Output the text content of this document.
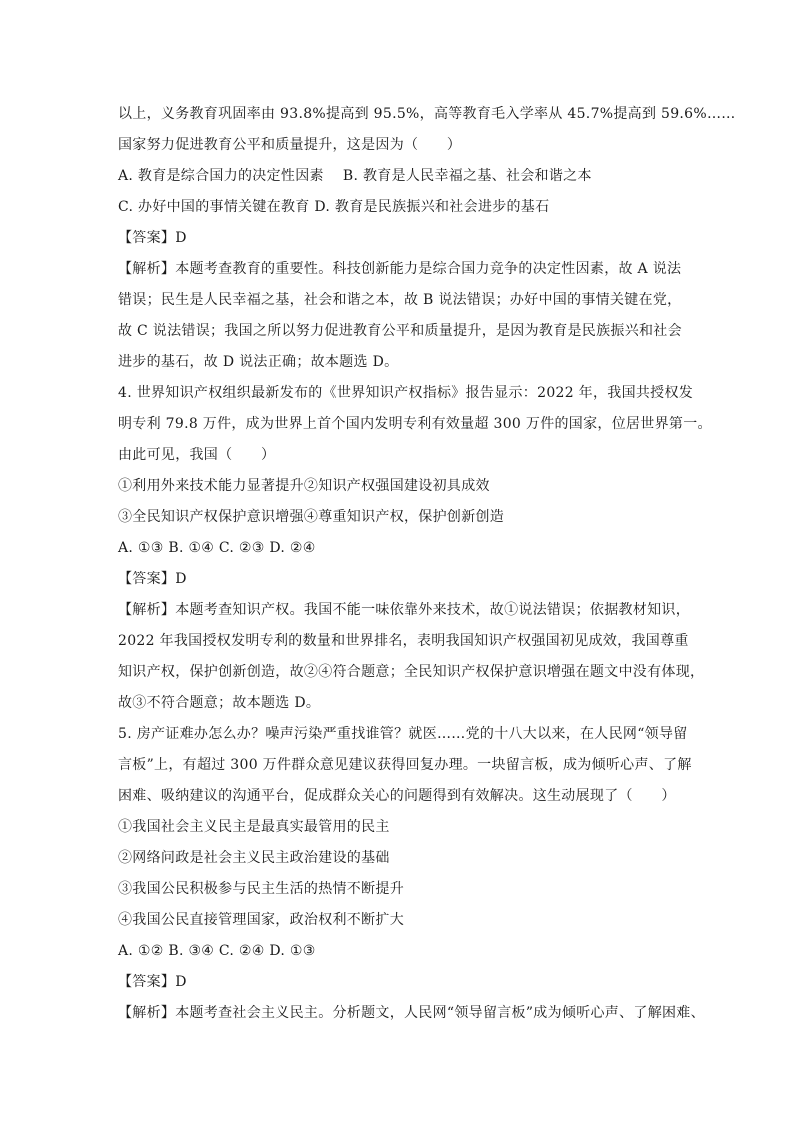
以上，义务教育巩固率由 93.8%提高到 95.5%，高等教育毛入学率从 45.7%提高到 59.6%……
国家努力促进教育公平和质量提升，这是因为（　　）
A. 教育是综合国力的决定性因素　 B. 教育是人民幸福之基、社会和谐之本
C. 办好中国的事情关键在教育 D. 教育是民族振兴和社会进步的基石
【答案】D
【解析】本题考查教育的重要性。科技创新能力是综合国力竞争的决定性因素，故 A 说法
错误；民生是人民幸福之基，社会和谐之本，故 B 说法错误；办好中国的事情关键在党，
故 C 说法错误；我国之所以努力促进教育公平和质量提升，是因为教育是民族振兴和社会
进步的基石，故 D 说法正确；故本题选 D。
4. 世界知识产权组织最新发布的《世界知识产权指标》报告显示：2022 年，我国共授权发
明专利 79.8 万件，成为世界上首个国内发明专利有效量超 300 万件的国家，位居世界第一。
由此可见，我国（　　）
①利用外来技术能力显著提升②知识产权强国建设初具成效
③全民知识产权保护意识增强④尊重知识产权，保护创新创造
A. ①③ B. ①④ C. ②③ D. ②④
【答案】D
【解析】本题考查知识产权。我国不能一味依靠外来技术，故①说法错误；依据教材知识，
2022 年我国授权发明专利的数量和世界排名，表明我国知识产权强国初见成效，我国尊重
知识产权，保护创新创造，故②④符合题意；全民知识产权保护意识增强在题文中没有体现，
故③不符合题意；故本题选 D。
5. 房产证难办怎么办？噪声污染严重找谁管？就医……党的十八大以来，在人民网“领导留
言板”上，有超过 300 万件群众意见建议获得回复办理。一块留言板，成为倾听心声、了解
困难、吸纳建议的沟通平台，促成群众关心的问题得到有效解决。这生动展现了（　　）
①我国社会主义民主是最真实最管用的民主
②网络问政是社会主义民主政治建设的基础
③我国公民积极参与民主生活的热情不断提升
④我国公民直接管理国家，政治权利不断扩大
A. ①② B. ③④ C. ②④ D. ①③
【答案】D
【解析】本题考查社会主义民主。分析题文，人民网“领导留言板”成为倾听心声、了解困难、
